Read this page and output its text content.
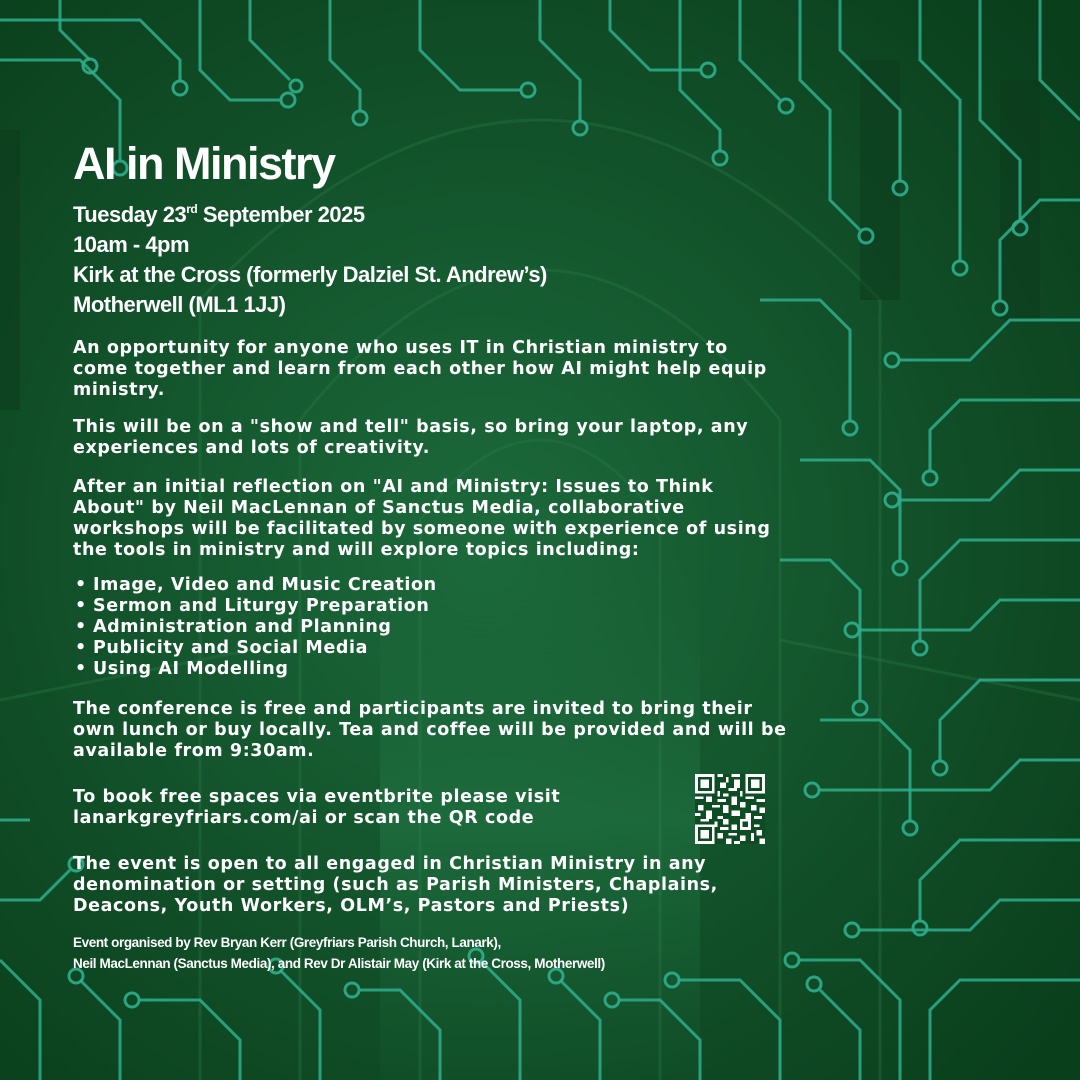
AI in Ministry
Tuesday 23rd September 2025
10am - 4pm
Kirk at the Cross (formerly Dalziel St. Andrew’s)
Motherwell (ML1 1JJ)

An opportunity for anyone who uses IT in Christian ministry to come together and learn from each other how AI might help equip ministry.

This will be on a "show and tell" basis, so bring your laptop, any experiences and lots of creativity.

After an initial reflection on "AI and Ministry: Issues to Think About" by Neil MacLennan of Sanctus Media, collaborative workshops will be facilitated by someone with experience of using the tools in ministry and will explore topics including:

• Image, Video and Music Creation
• Sermon and Liturgy Preparation
• Administration and Planning
• Publicity and Social Media
• Using AI Modelling

The conference is free and participants are invited to bring their own lunch or buy locally. Tea and coffee will be provided and will be available from 9:30am.

To book free spaces via eventbrite please visit lanarkgreyfriars.com/ai or scan the QR code

The event is open to all engaged in Christian Ministry in any denomination or setting (such as Parish Ministers, Chaplains, Deacons, Youth Workers, OLM’s, Pastors and Priests)

Event organised by Rev Bryan Kerr (Greyfriars Parish Church, Lanark),
Neil MacLennan (Sanctus Media), and Rev Dr Alistair May (Kirk at the Cross, Motherwell)
